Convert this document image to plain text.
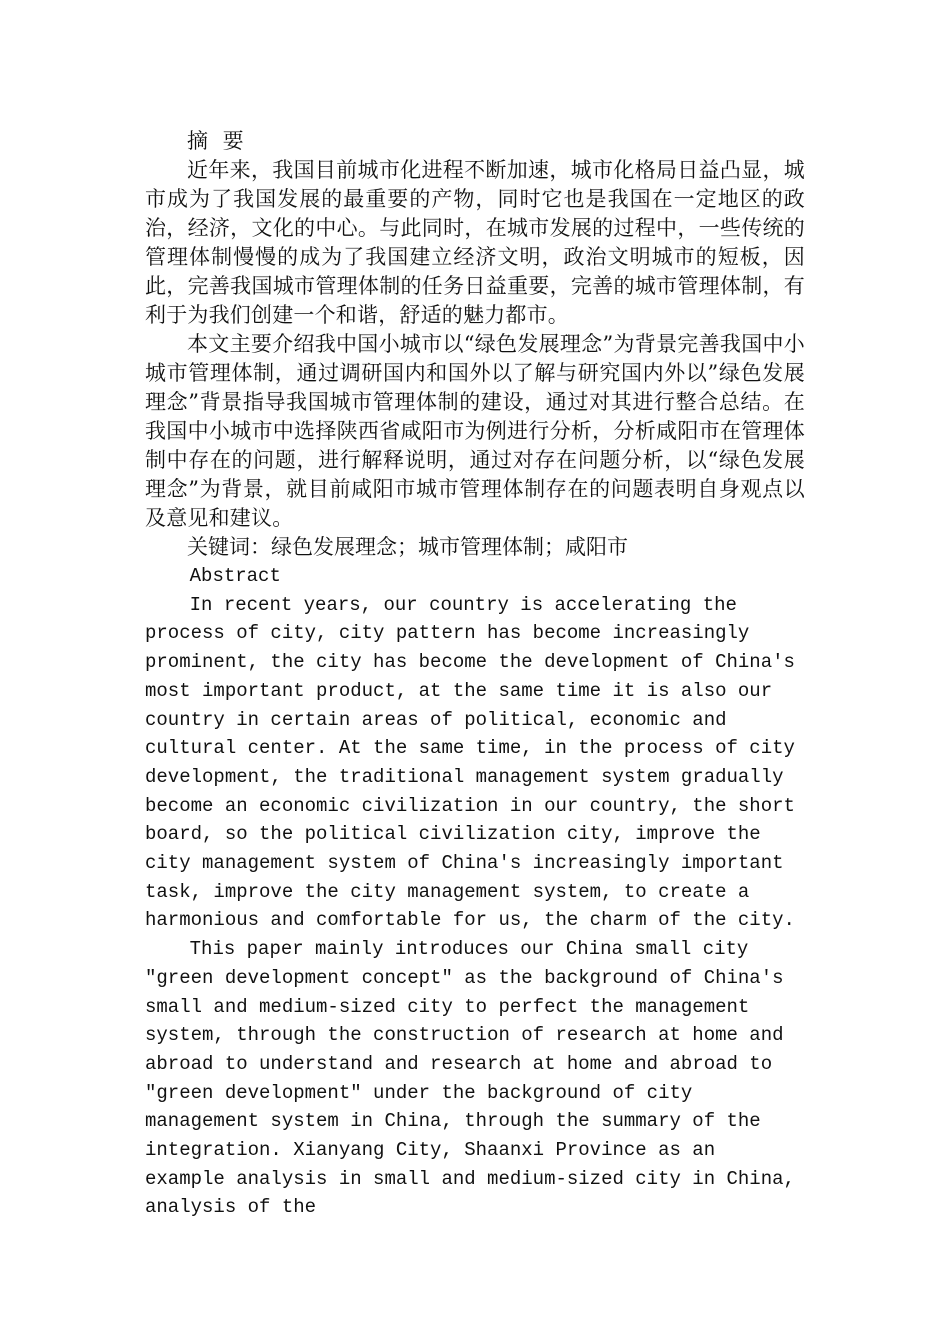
摘 要

近年来，我国目前城市化进程不断加速，城市化格局日益凸显，城市成为了我国发展的最重要的产物，同时它也是我国在一定地区的政治，经济，文化的中心。与此同时，在城市发展的过程中，一些传统的管理体制慢慢的成为了我国建立经济文明，政治文明城市的短板，因此，完善我国城市管理体制的任务日益重要，完善的城市管理体制，有利于为我们创建一个和谐，舒适的魅力都市。

本文主要介绍我中国小城市以“绿色发展理念”为背景完善我国中小城市管理体制，通过调研国内和国外以了解与研究国内外以”绿色发展理念”背景指导我国城市管理体制的建设，通过对其进行整合总结。在我国中小城市中选择陕西省咸阳市为例进行分析，分析咸阳市在管理体制中存在的问题，进行解释说明，通过对存在问题分析，以“绿色发展理念”为背景，就目前咸阳市城市管理体制存在的问题表明自身观点以及意见和建议。

关键词：绿色发展理念；城市管理体制；咸阳市

Abstract

In recent years, our country is accelerating the process of city, city pattern has become increasingly prominent, the city has become the development of China's most important product, at the same time it is also our country in certain areas of political, economic and cultural center. At the same time, in the process of city development, the traditional management system gradually become an economic civilization in our country, the short board, so the political civilization city, improve the city management system of China's increasingly important task, improve the city management system, to create a harmonious and comfortable for us, the charm of the city.

This paper mainly introduces our China small city "green development concept" as the background of China's small and medium-sized city to perfect the management system, through the construction of research at home and abroad to understand and research at home and abroad to "green development" under the background of city management system in China, through the summary of the integration. Xianyang City, Shaanxi Province as an example analysis in small and medium-sized city in China, analysis of the
